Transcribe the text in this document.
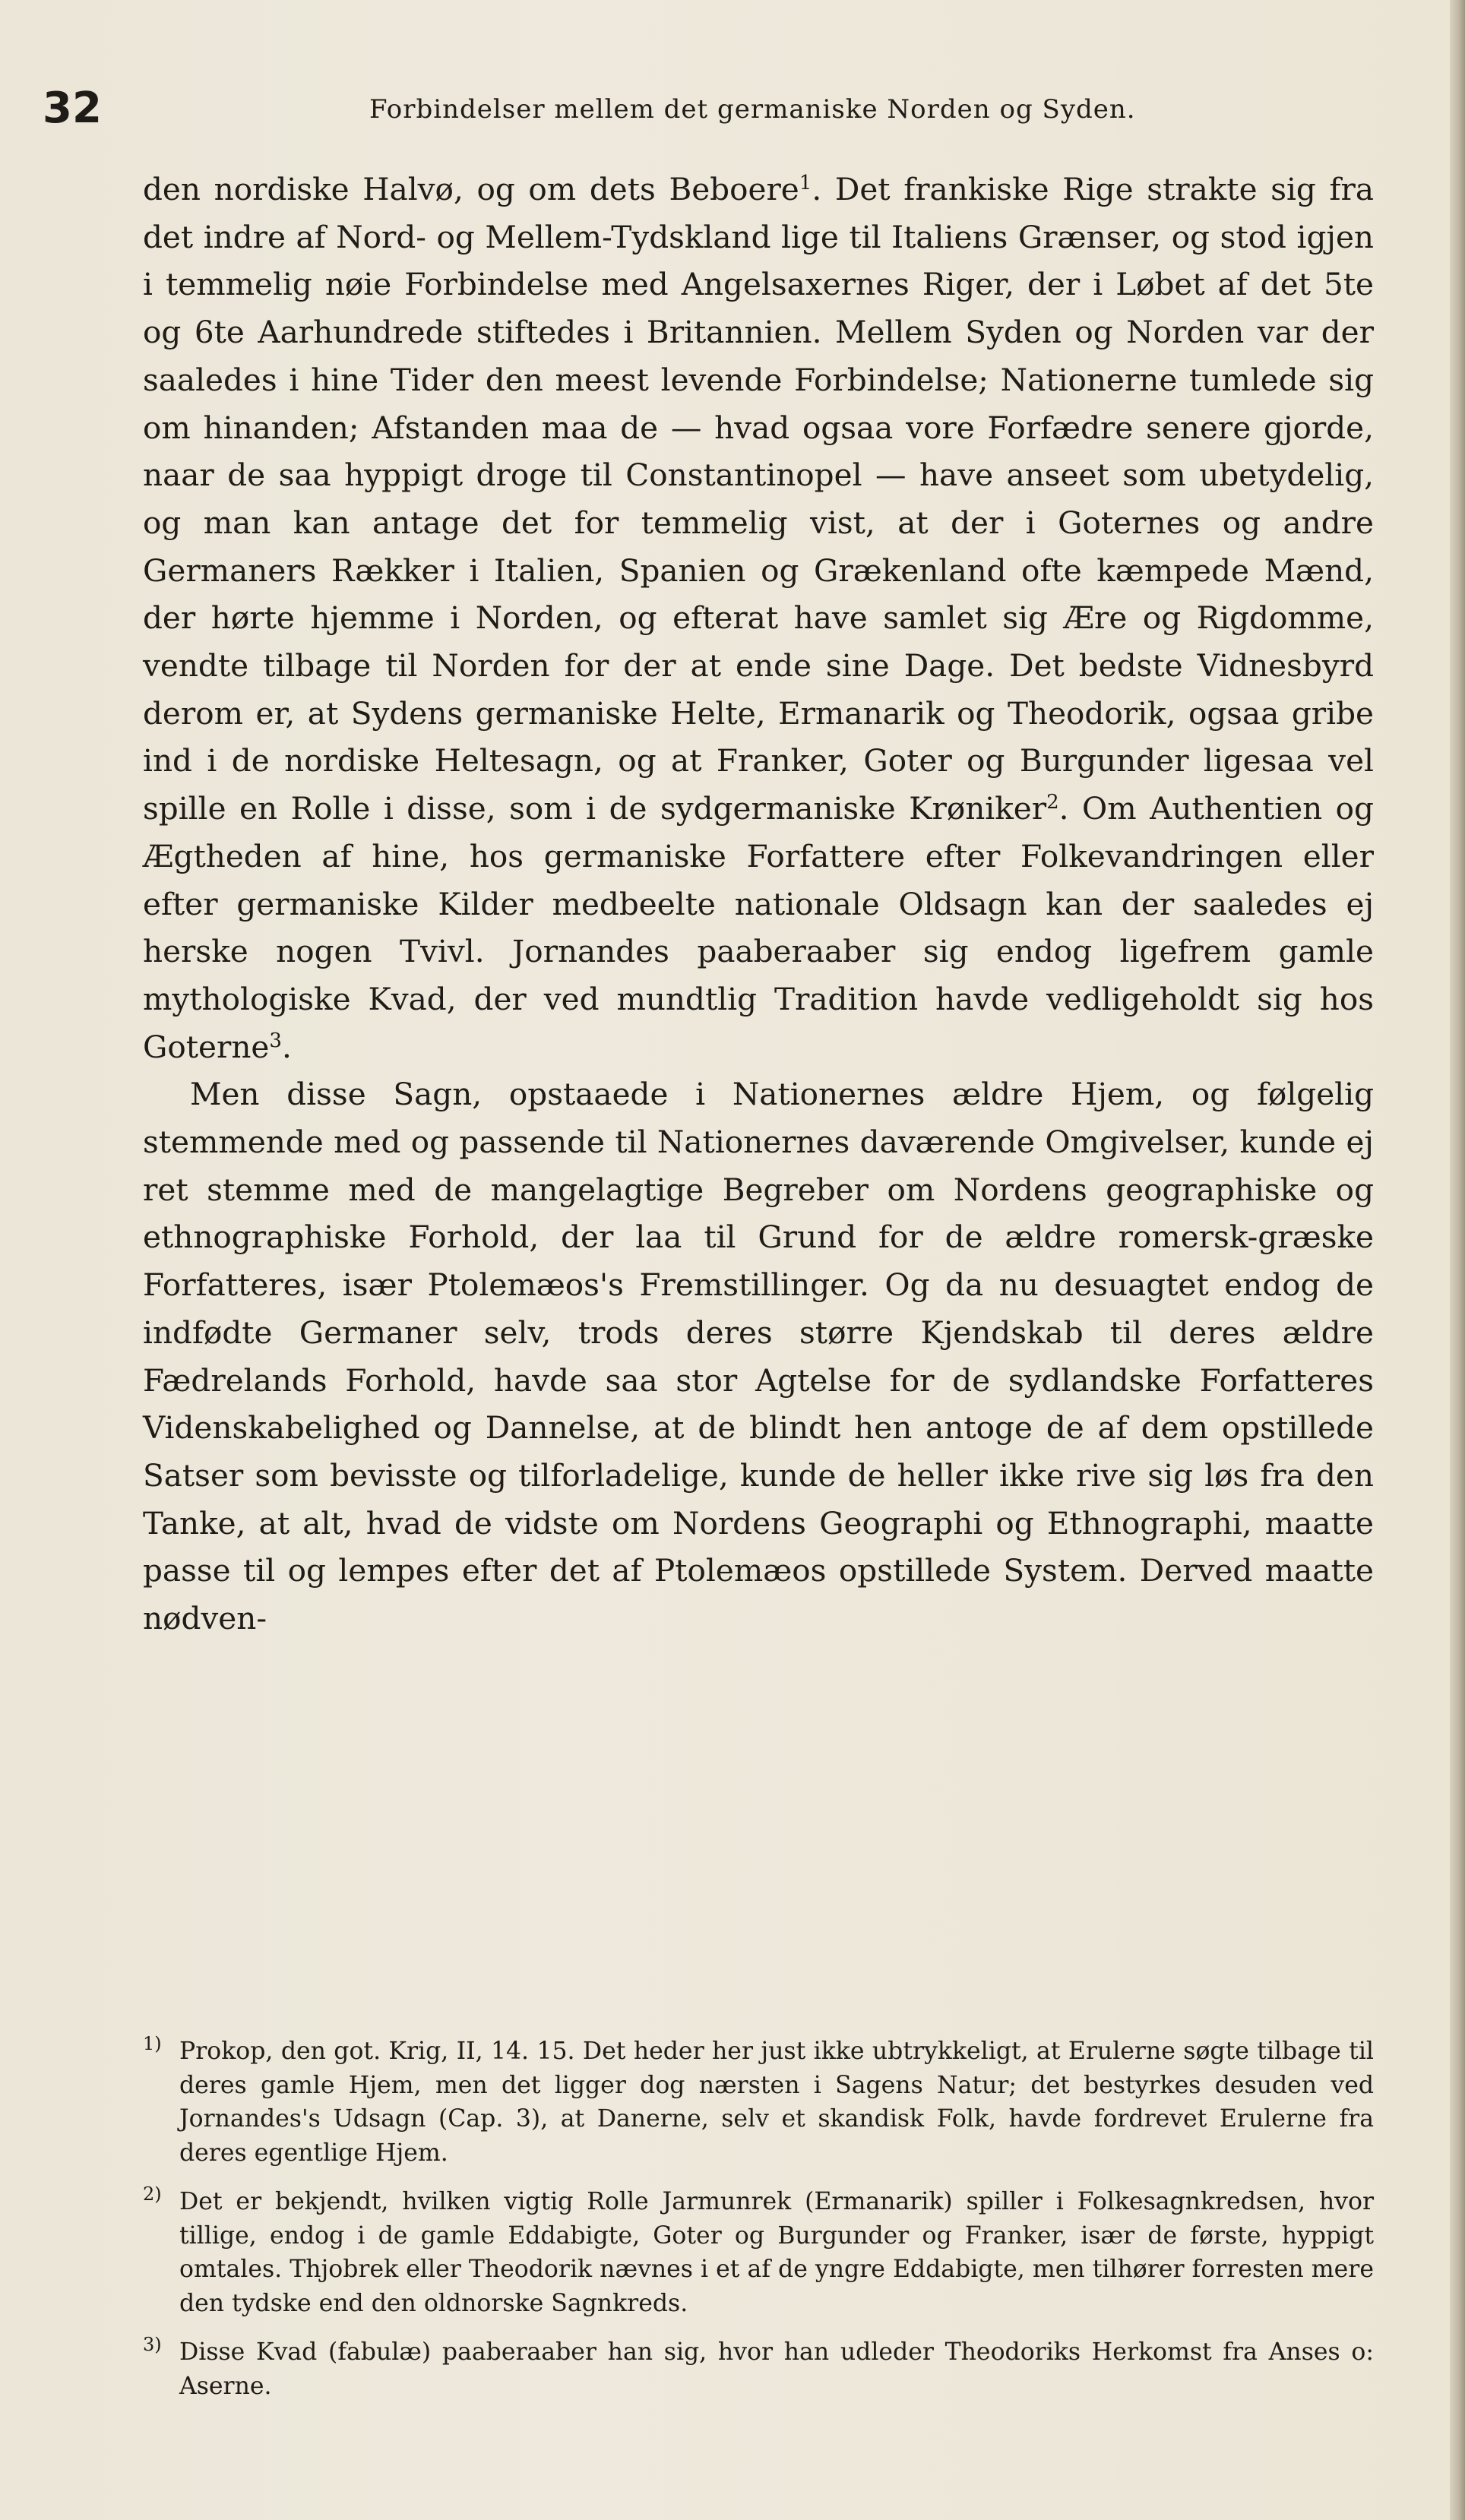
32	Forbindelser mellem det germaniske Norden og Syden.

den nordiske Halvø, og om dets Beboere$^1$. Det frankiske Rige strakte sig fra det indre af Nord- og Mellem-Tydskland lige til Italiens Grænser, og stod igjen i temmelig nøie Forbindelse med Angelsaxernes Riger, der i Løbet af det 5te og 6te Aarhundrede stiftedes i Britannien. Mellem Syden og Norden var der saaledes i hine Tider den meest levende Forbindelse; Nationerne tumlede sig om hinanden; Afstanden maa de — hvad ogsaa vore Forfædre senere gjorde, naar de saa hyppigt droge til Constantinopel — have anseet som ubetydelig, og man kan antage det for temmelig vist, at der i Goternes og andre Germaners Rækker i Italien, Spanien og Grækenland ofte kæmpede Mænd, der hørte hjemme i Norden, og efterat have samlet sig Ære og Rigdomme, vendte tilbage til Norden for der at ende sine Dage. Det bedste Vidnesbyrd derom er, at Sydens germaniske Helte, Ermanarik og Theodorik, ogsaa gribe ind i de nordiske Heltesagn, og at Franker, Goter og Burgunder ligesaa vel spille en Rolle i disse, som i de sydgermaniske Krøniker$^2$. Om Authentien og Ægtheden af hine, hos germaniske Forfattere efter Folkevandringen eller efter germaniske Kilder medbeelte nationale Oldsagn kan der saaledes ej herske nogen Tvivl. Jornandes paaberaaber sig endog ligefrem gamle mythologiske Kvad, der ved mundtlig Tradition havde vedligeholdt sig hos Goterne$^3$.

Men disse Sagn, opstaaede i Nationernes ældre Hjem, og følgelig stemmende med og passende til Nationernes daværende Omgivelser, kunde ej ret stemme med de mangelagtige Begreber om Nordens geographiske og ethnographiske Forhold, der laa til Grund for de ældre romersk-græske Forfatteres, især Ptolemæos's Fremstillinger. Og da nu desuagtet endog de indfødte Germaner selv, trods deres større Kjendskab til deres ældre Fædrelands Forhold, havde saa stor Agtelse for de sydlandske Forfatteres Videnskabelighed og Dannelse, at de blindt hen antoge de af dem opstillede Satser som bevisste og tilforladelige, kunde de heller ikke rive sig løs fra den Tanke, at alt, hvad de vidste om Nordens Geographi og Ethnographi, maatte passe til og lempes efter det af Ptolemæos opstillede System. Derved maatte nødven-

1) Prokop, den got. Krig, II, 14. 15. Det heder her just ikke ubtrykkeligt, at Erulerne søgte tilbage til deres gamle Hjem, men det ligger dog nærsten i Sagens Natur; det bestyrkes desuden ved Jornandes's Udsagn (Cap. 3), at Danerne, selv et skandisk Folk, havde fordrevet Erulerne fra deres egentlige Hjem.

2) Det er bekjendt, hvilken vigtig Rolle Jarmunrek (Ermanarik) spiller i Folkesagnkredsen, hvor tillige, endog i de gamle Eddabigte, Goter og Burgunder og Franker, især de første, hyppigt omtales. Thjobrek eller Theodorik nævnes i et af de yngre Eddabigte, men tilhører forresten mere den tydske end den oldnorske Sagnkreds.

3) Disse Kvad (fabulæ) paaberaaber han sig, hvor han udleder Theodoriks Herkomst fra Anses o: Aserne.
